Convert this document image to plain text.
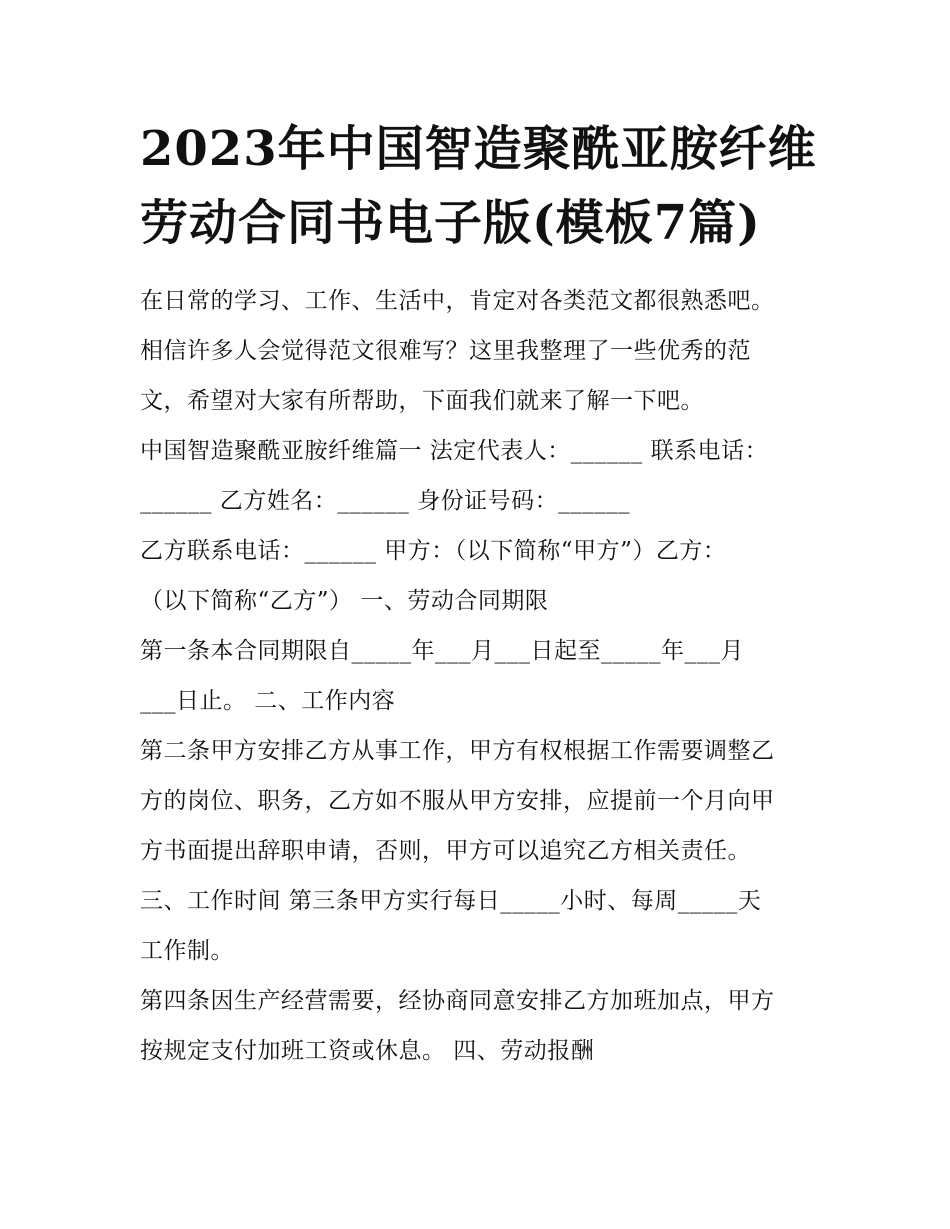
2023年中国智造聚酰亚胺纤维
劳动合同书电子版(模板7篇)
在日常的学习、工作、生活中，肯定对各类范文都很熟悉吧。
相信许多人会觉得范文很难写？这里我整理了一些优秀的范
文，希望对大家有所帮助，下面我们就来了解一下吧。
中国智造聚酰亚胺纤维篇一 法定代表人：______ 联系电话：
______ 乙方姓名：______ 身份证号码：______
乙方联系电话：______ 甲方：（以下简称“甲方”）乙方：
（以下简称“乙方”） 一、劳动合同期限
第一条本合同期限自_____年___月___日起至_____年___月
___日止。 二、工作内容
第二条甲方安排乙方从事工作，甲方有权根据工作需要调整乙
方的岗位、职务，乙方如不服从甲方安排，应提前一个月向甲
方书面提出辞职申请，否则，甲方可以追究乙方相关责任。
三、工作时间 第三条甲方实行每日_____小时、每周_____天
工作制。
第四条因生产经营需要，经协商同意安排乙方加班加点，甲方
按规定支付加班工资或休息。 四、劳动报酬
